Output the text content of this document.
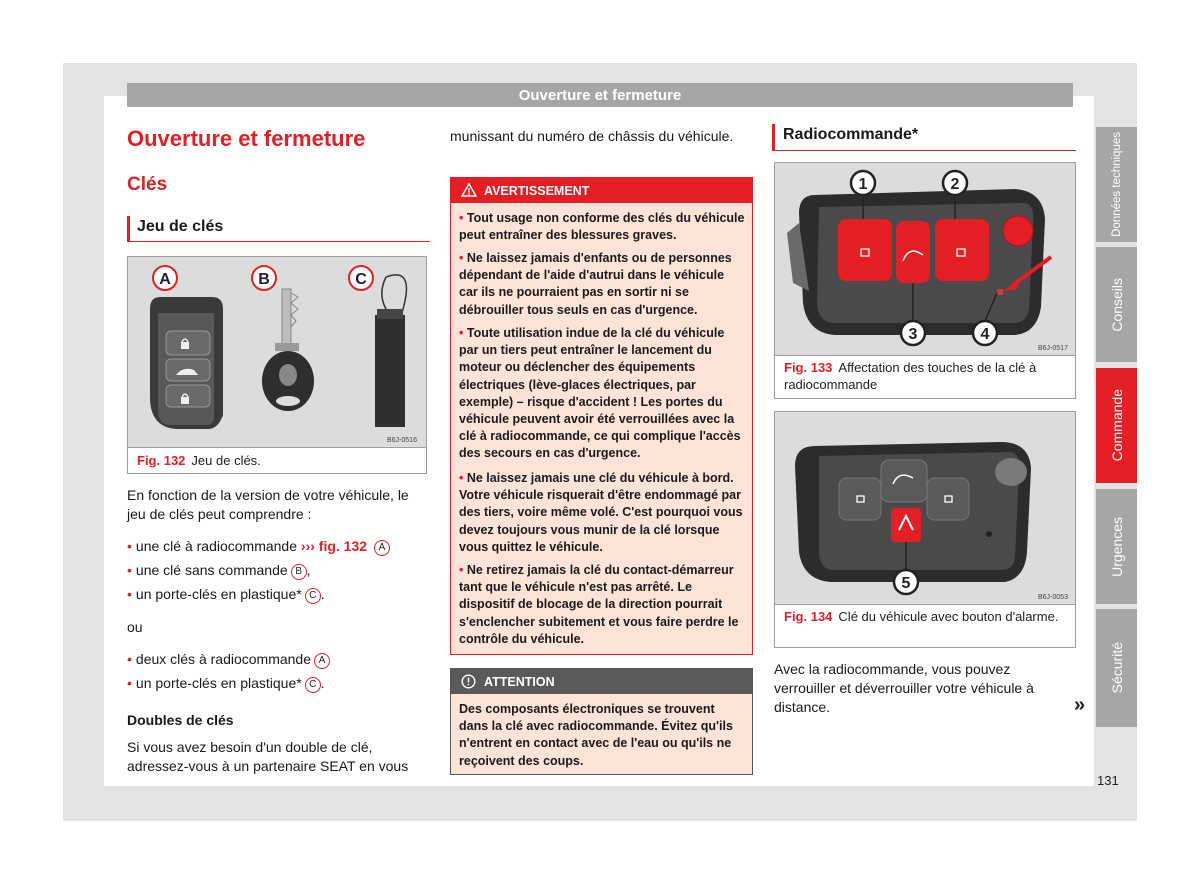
Ouverture et fermeture
Données techniques
Conseils
Commande
Urgences
Sécurité
131
Ouverture et fermeture
Clés
Jeu de clés
A	B	C
B6J-0516
Fig. 132 Jeu de clés.
En fonction de la version de votre véhicule, le jeu de clés peut comprendre :
• une clé à radiocommande ››› fig. 132 A
• une clé sans commande B ,
• un porte-clés en plastique* C .
ou
• deux clés à radiocommande A
• un porte-clés en plastique* C .
Doubles de clés
Si vous avez besoin d'un double de clé, adressez-vous à un partenaire SEAT en vous
munissant du numéro de châssis du véhicule.
AVERTISSEMENT
• Tout usage non conforme des clés du véhicule peut entraîner des blessures graves.
• Ne laissez jamais d'enfants ou de personnes dépendant de l'aide d'autrui dans le véhicule car ils ne pourraient pas en sortir ni se débrouiller tous seuls en cas d'urgence.
• Toute utilisation indue de la clé du véhicule par un tiers peut entraîner le lancement du moteur ou déclencher des équipements électriques (lève-glaces électriques, par exemple) – risque d'accident ! Les portes du véhicule peuvent avoir été verrouillées avec la clé à radiocommande, ce qui complique l'accès des secours en cas d'urgence.
• Ne laissez jamais une clé du véhicule à bord. Votre véhicule risquerait d'être endommagé par des tiers, voire même volé. C'est pourquoi vous devez toujours vous munir de la clé lorsque vous quittez le véhicule.
• Ne retirez jamais la clé du contact-démarreur tant que le véhicule n'est pas arrêté. Le dispositif de blocage de la direction pourrait s'enclencher subitement et vous faire perdre le contrôle du véhicule.
ATTENTION
Des composants électroniques se trouvent dans la clé avec radiocommande. Évitez qu'ils n'entrent en contact avec de l'eau ou qu'ils ne reçoivent des coups.
Radiocommande*
1	2
3	4
B6J-0517
Fig. 133 Affectation des touches de la clé à radiocommande
5
B6J-0053
Fig. 134 Clé du véhicule avec bouton d'alarme.
Avec la radiocommande, vous pouvez verrouiller et déverrouiller votre véhicule à distance.	»
